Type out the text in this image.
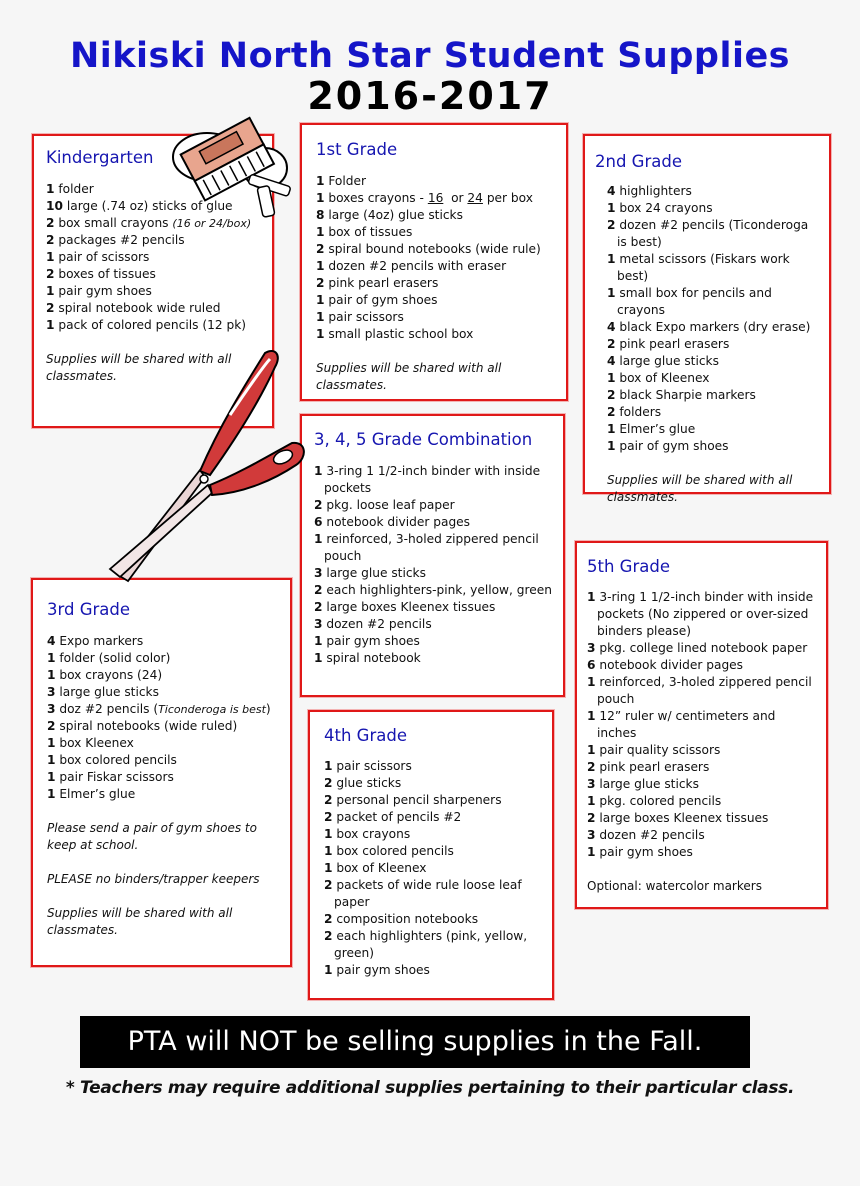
Nikiski North Star Student Supplies
2016-2017
Kindergarten
1 folder
10 large (.74 oz) sticks of glue
2 box small crayons (16 or 24/box)
2 packages #2 pencils
1 pair of scissors
2 boxes of tissues
1 pair gym shoes
2 spiral notebook wide ruled
1 pack of colored pencils (12 pk)

Supplies will be shared with all classmates.

1st Grade
1 Folder
1 boxes crayons - 16 or 24 per box
8 large (4oz) glue sticks
1 box of tissues
2 spiral bound notebooks (wide rule)
1 dozen #2 pencils with eraser
2 pink pearl erasers
1 pair of gym shoes
1 pair scissors
1 small plastic school box

Supplies will be shared with all classmates.

2nd Grade
4 highlighters
1 box 24 crayons
2 dozen #2 pencils (Ticonderoga is best)
1 metal scissors (Fiskars work best)
1 small box for pencils and crayons
4 black Expo markers (dry erase)
2 pink pearl erasers
4 large glue sticks
1 box of Kleenex
2 black Sharpie markers
2 folders
1 Elmer’s glue
1 pair of gym shoes

Supplies will be shared with all classmates.

3, 4, 5 Grade Combination
1 3-ring 1 1/2-inch binder with inside pockets
2 pkg. loose leaf paper
6 notebook divider pages
1 reinforced, 3-holed zippered pencil pouch
3 large glue sticks
2 each highlighters-pink, yellow, green
2 large boxes Kleenex tissues
3 dozen #2 pencils
1 pair gym shoes
1 spiral notebook
3rd Grade
4 Expo markers
1 folder (solid color)
1 box crayons (24)
3 large glue sticks
3 doz #2 pencils (Ticonderoga is best)
2 spiral notebooks (wide ruled)
1 box Kleenex
1 box colored pencils
1 pair Fiskar scissors
1 Elmer’s glue

Please send a pair of gym shoes to keep at school.

PLEASE no binders/trapper keepers

Supplies will be shared with all classmates.

4th Grade
1 pair scissors
2 glue sticks
2 personal pencil sharpeners
2 packet of pencils #2
1 box crayons
1 box colored pencils
1 box of Kleenex
2 packets of wide rule loose leaf paper
2 composition notebooks
2 each highlighters (pink, yellow, green)
1 pair gym shoes
5th Grade
1 3-ring 1 1/2-inch binder with inside pockets (No zippered or over-sized binders please)
3 pkg. college lined notebook paper
6 notebook divider pages
1 reinforced, 3-holed zippered pencil pouch
1 12” ruler w/ centimeters and inches
1 pair quality scissors
2 pink pearl erasers
3 large glue sticks
1 pkg. colored pencils
2 large boxes Kleenex tissues
3 dozen #2 pencils
1 pair gym shoes

Optional: watercolor markers

PTA will NOT be selling supplies in the Fall.
* Teachers may require additional supplies pertaining to their particular class.
